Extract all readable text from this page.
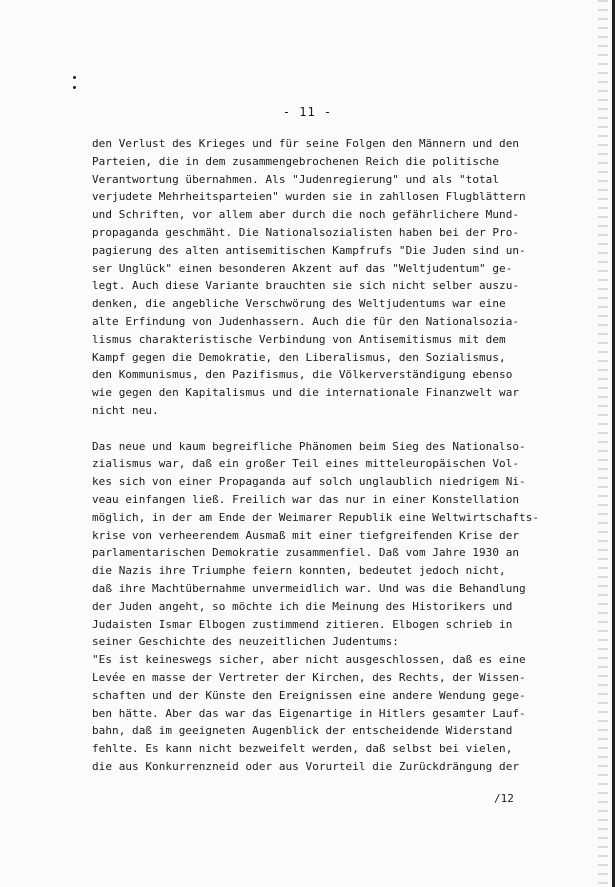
- 11 -
den Verlust des Krieges und für seine Folgen den Männern und den
Parteien, die in dem zusammengebrochenen Reich die politische
Verantwortung übernahmen. Als "Judenregierung" und als "total
verjudete Mehrheitsparteien" wurden sie in zahllosen Flugblättern
und Schriften, vor allem aber durch die noch gefährlichere Mund-
propaganda geschmäht. Die Nationalsozialisten haben bei der Pro-
pagierung des alten antisemitischen Kampfrufs "Die Juden sind un-
ser Unglück" einen besonderen Akzent auf das "Weltjudentum" ge-
legt. Auch diese Variante brauchten sie sich nicht selber auszu-
denken, die angebliche Verschwörung des Weltjudentums war eine
alte Erfindung von Judenhassern. Auch die für den Nationalsozia-
lismus charakteristische Verbindung von Antisemitismus mit dem
Kampf gegen die Demokratie, den Liberalismus, den Sozialismus,
den Kommunismus, den Pazifismus, die Völkerverständigung ebenso
wie gegen den Kapitalismus und die internationale Finanzwelt war
nicht neu.
Das neue und kaum begreifliche Phänomen beim Sieg des Nationalso-
zialismus war, daß ein großer Teil eines mitteleuropäischen Vol-
kes sich von einer Propaganda auf solch unglaublich niedrigem Ni-
veau einfangen ließ. Freilich war das nur in einer Konstellation
möglich, in der am Ende der Weimarer Republik eine Weltwirtschafts-
krise von verheerendem Ausmaß mit einer tiefgreifenden Krise der
parlamentarischen Demokratie zusammenfiel. Daß vom Jahre 1930 an
die Nazis ihre Triumphe feiern konnten, bedeutet jedoch nicht,
daß ihre Machtübernahme unvermeidlich war. Und was die Behandlung
der Juden angeht, so möchte ich die Meinung des Historikers und
Judaisten Ismar Elbogen zustimmend zitieren. Elbogen schrieb in
seiner Geschichte des neuzeitlichen Judentums:
"Es ist keineswegs sicher, aber nicht ausgeschlossen, daß es eine
Levée en masse der Vertreter der Kirchen, des Rechts, der Wissen-
schaften und der Künste den Ereignissen eine andere Wendung gege-
ben hätte. Aber das war das Eigenartige in Hitlers gesamter Lauf-
bahn, daß im geeigneten Augenblick der entscheidende Widerstand
fehlte. Es kann nicht bezweifelt werden, daß selbst bei vielen,
die aus Konkurrenzneid oder aus Vorurteil die Zurückdrängung der
/12
